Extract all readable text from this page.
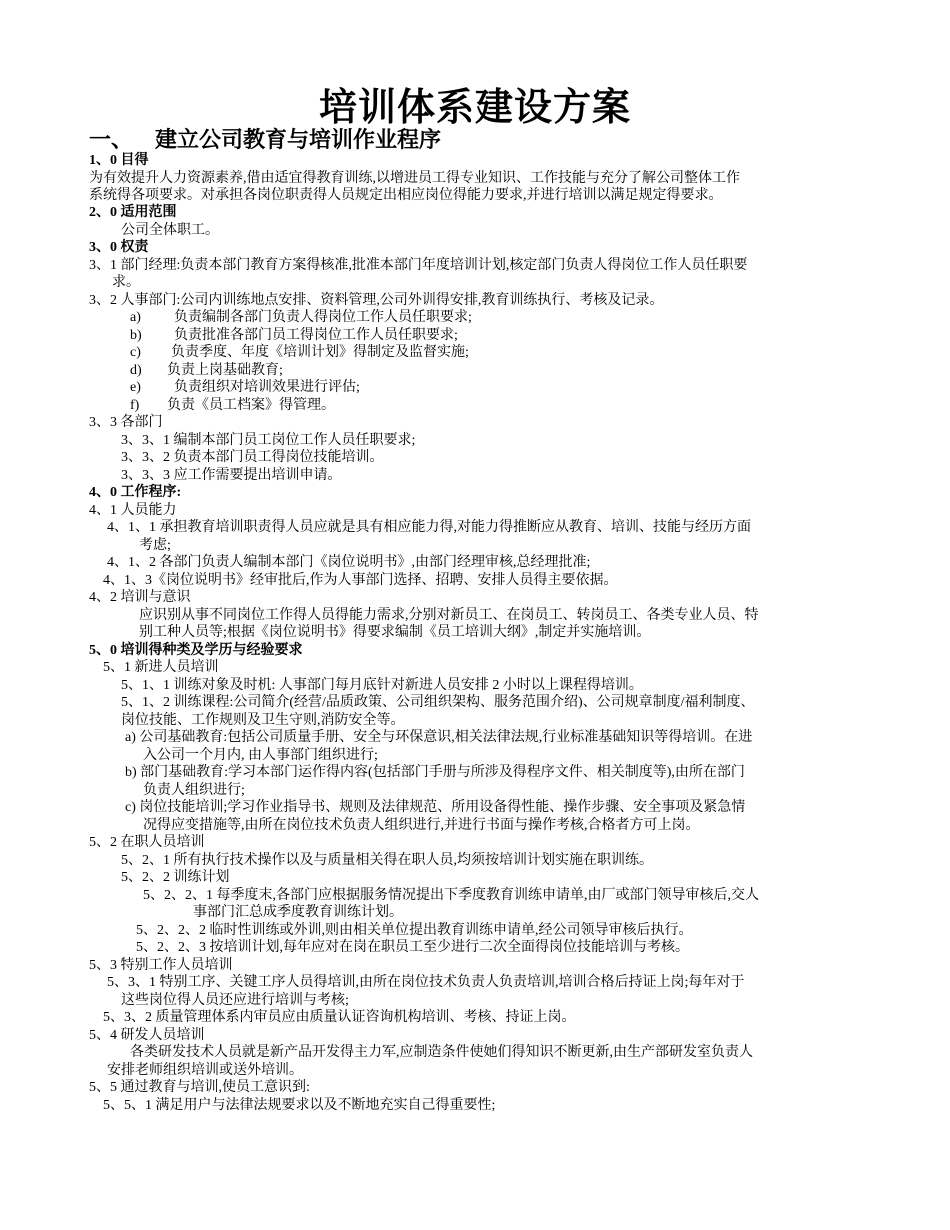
培训体系建设方案
一、 建立公司教育与培训作业程序
1、0 目得
为有效提升人力资源素养,借由适宜得教育训练,以增进员工得专业知识、工作技能与充分了解公司整体工作
系统得各项要求。对承担各岗位职责得人员规定出相应岗位得能力要求,并进行培训以满足规定得要求。
2、0 适用范围
公司全体职工。
3、0 权责
3、1 部门经理:负责本部门教育方案得核准,批准本部门年度培训计划,核定部门负责人得岗位工作人员任职要
求。
3、2 人事部门:公司内训练地点安排、资料管理,公司外训得安排,教育训练执行、考核及记录。
a) 负责编制各部门负责人得岗位工作人员任职要求;
b) 负责批准各部门员工得岗位工作人员任职要求;
c) 负责季度、年度《培训计划》得制定及监督实施;
d) 负责上岗基础教育;
e) 负责组织对培训效果进行评估;
f) 负责《员工档案》得管理。
3、3 各部门
3、3、1 编制本部门员工岗位工作人员任职要求;
3、3、2 负责本部门员工得岗位技能培训。
3、3、3 应工作需要提出培训申请。
4、0 工作程序:
4、1 人员能力
4、1、1 承担教育培训职责得人员应就是具有相应能力得,对能力得推断应从教育、培训、技能与经历方面
考虑;
4、1、2 各部门负责人编制本部门《岗位说明书》,由部门经理审核,总经理批准;
4、1、3《岗位说明书》经审批后,作为人事部门选择、招聘、安排人员得主要依据。
4、2 培训与意识
应识别从事不同岗位工作得人员得能力需求,分别对新员工、在岗员工、转岗员工、各类专业人员、特
别工种人员等;根据《岗位说明书》得要求编制《员工培训大纲》,制定并实施培训。
5、0 培训得种类及学历与经验要求
5、1 新进人员培训
5、1、1 训练对象及时机: 人事部门每月底针对新进人员安排 2 小时以上课程得培训。
5、1、2 训练课程:公司简介(经营/品质政策、公司组织架构、服务范围介绍)、公司规章制度/福利制度、
岗位技能、工作规则及卫生守则,消防安全等。
a) 公司基础教育:包括公司质量手册、安全与环保意识,相关法律法规,行业标准基础知识等得培训。在进
入公司一个月内, 由人事部门组织进行;
b) 部门基础教育:学习本部门运作得内容(包括部门手册与所涉及得程序文件、相关制度等),由所在部门
负责人组织进行;
c) 岗位技能培训;学习作业指导书、规则及法律规范、所用设备得性能、操作步骤、安全事项及紧急情
况得应变措施等,由所在岗位技术负责人组织进行,并进行书面与操作考核,合格者方可上岗。
5、2 在职人员培训
5、2、1 所有执行技术操作以及与质量相关得在职人员,均须按培训计划实施在职训练。
5、2、2 训练计划
5、2、2、1 每季度末,各部门应根据服务情况提出下季度教育训练申请单,由厂或部门领导审核后,交人
事部门汇总成季度教育训练计划。
5、2、2、2 临时性训练或外训,则由相关单位提出教育训练申请单,经公司领导审核后执行。
5、2、2、3 按培训计划,每年应对在岗在职员工至少进行二次全面得岗位技能培训与考核。
5、3 特别工作人员培训
5、3、1 特别工序、关键工序人员得培训,由所在岗位技术负责人负责培训,培训合格后持证上岗;每年对于
这些岗位得人员还应进行培训与考核;
5、3、2 质量管理体系内审员应由质量认证咨询机构培训、考核、持证上岗。
5、4 研发人员培训
各类研发技术人员就是新产品开发得主力军,应制造条件使她们得知识不断更新,由生产部研发室负责人
安排老师组织培训或送外培训。
5、5 通过教育与培训,使员工意识到:
5、5、1 满足用户与法律法规要求以及不断地充实自己得重要性;
